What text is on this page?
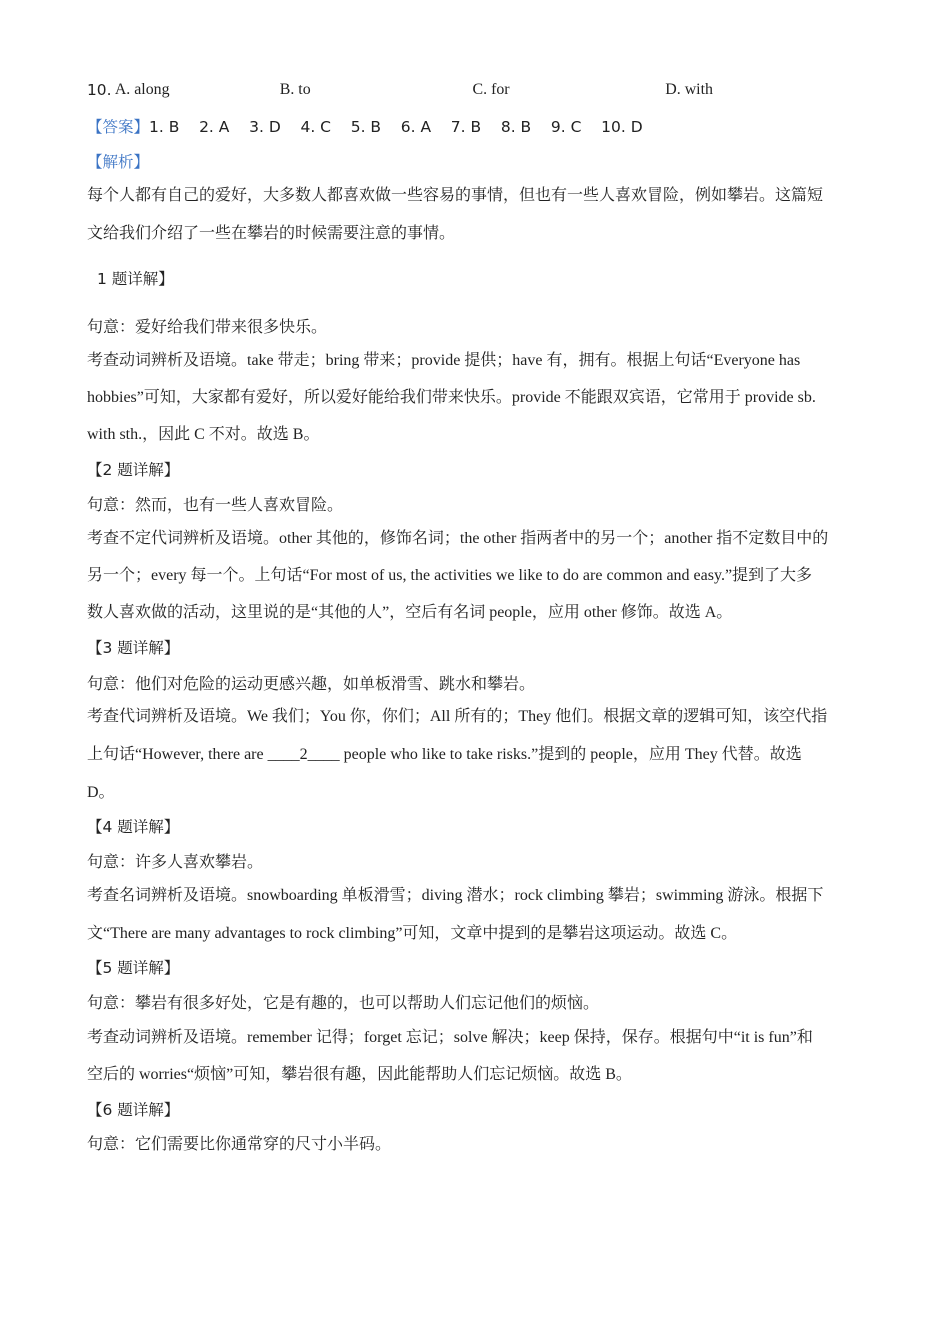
10. A. along	B. to	C. for	D. with
【答案】1. B    2. A    3. D    4. C    5. B    6. A    7. B    8. B    9. C    10. D
【解析】
每个人都有自己的爱好，大多数人都喜欢做一些容易的事情，但也有一些人喜欢冒险，例如攀岩。这篇短
文给我们介绍了一些在攀岩的时候需要注意的事情。
1 题详解】
句意：爱好给我们带来很多快乐。
考查动词辨析及语境。take 带走；bring 带来；provide 提供；have 有，拥有。根据上句话“Everyone has
hobbies”可知，大家都有爱好，所以爱好能给我们带来快乐。provide 不能跟双宾语，它常用于 provide sb.
with sth.，因此 C 不对。故选 B。
【2 题详解】
句意：然而，也有一些人喜欢冒险。
考查不定代词辨析及语境。other 其他的，修饰名词；the other 指两者中的另一个；another 指不定数目中的
另一个；every 每一个。上句话“For most of us, the activities we like to do are common and easy.”提到了大多
数人喜欢做的活动，这里说的是“其他的人”，空后有名词 people，应用 other 修饰。故选 A。
【3 题详解】
句意：他们对危险的运动更感兴趣，如单板滑雪、跳水和攀岩。
考查代词辨析及语境。We 我们；You 你，你们；All 所有的；They 他们。根据文章的逻辑可知，该空代指
上句话“However, there are ____2____ people who like to take risks.”提到的 people，应用 They 代替。故选
D。
【4 题详解】
句意：许多人喜欢攀岩。
考查名词辨析及语境。snowboarding 单板滑雪；diving 潜水；rock climbing 攀岩；swimming 游泳。根据下
文“There are many advantages to rock climbing”可知，文章中提到的是攀岩这项运动。故选 C。
【5 题详解】
句意：攀岩有很多好处，它是有趣的，也可以帮助人们忘记他们的烦恼。
考查动词辨析及语境。remember 记得；forget 忘记；solve 解决；keep 保持，保存。根据句中“it is fun”和
空后的 worries“烦恼”可知，攀岩很有趣，因此能帮助人们忘记烦恼。故选 B。
【6 题详解】
句意：它们需要比你通常穿的尺寸小半码。
